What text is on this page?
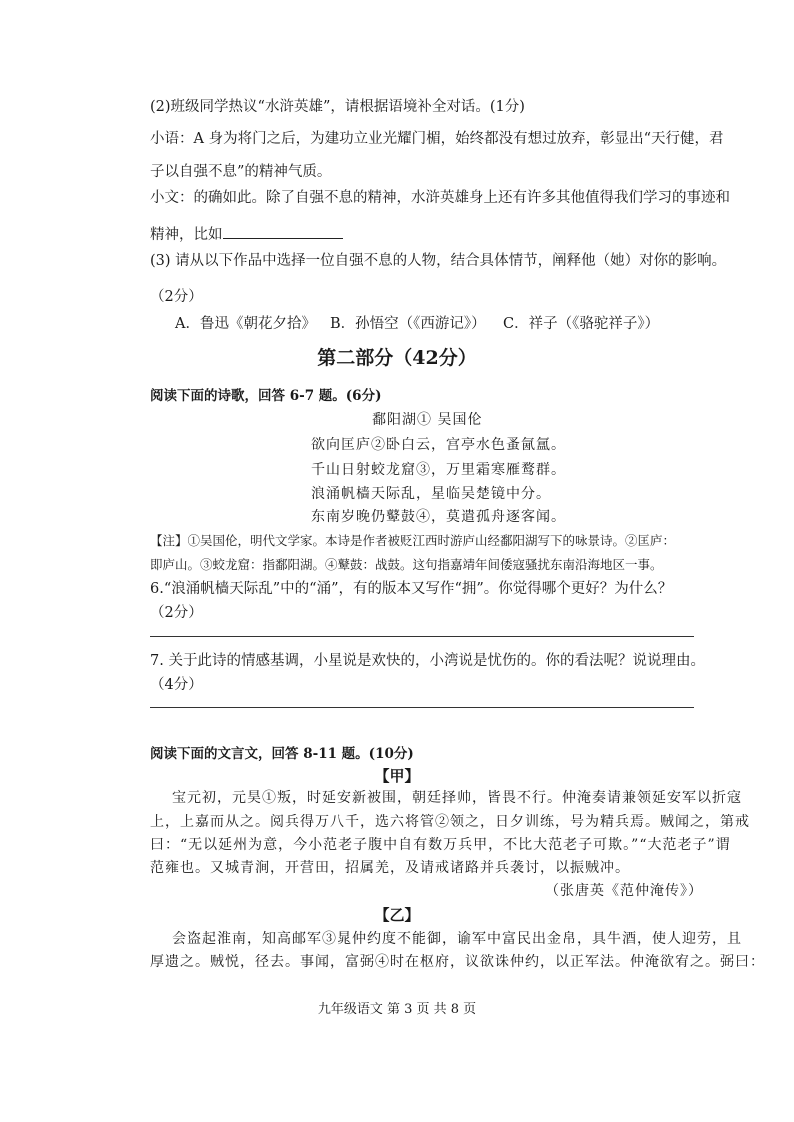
(2)班级同学热议“水浒英雄”，请根据语境补全对话。(1分)
小语：A 身为将门之后，为建功立业光耀门楣，始终都没有想过放弃，彰显出“天行健，君
子以自强不息”的精神气质。
小文：的确如此。除了自强不息的精神，水浒英雄身上还有许多其他值得我们学习的事迹和
精神，比如
(3) 请从以下作品中选择一位自强不息的人物，结合具体情节，阐释他（她）对你的影响。
（2分）
A．鲁迅《朝花夕拾》 B．孙悟空（《西游记》） C．祥子（《骆驼祥子》）
第二部分（42分）
阅读下面的诗歌，回答 6-7 题。(6分)
鄱阳湖① 吴国伦
欲向匡庐②卧白云，宫亭水色蚤氤氲。
千山日射蛟龙窟③，万里霜寒雁鹜群。
浪涌帆樯天际乱，星临吴楚镜中分。
东南岁晚仍鼙鼓④，莫遣孤舟逐客闻。
【注】①吴国伦，明代文学家。本诗是作者被贬江西时游庐山经鄱阳湖写下的咏景诗。②匡庐：
即庐山。③蛟龙窟：指鄱阳湖。④鼙鼓：战鼓。这句指嘉靖年间倭寇骚扰东南沿海地区一事。
6.“浪涌帆樯天际乱”中的“涌”，有的版本又写作“拥”。你觉得哪个更好？为什么？
（2分）
7. 关于此诗的情感基调，小星说是欢快的，小湾说是忧伤的。你的看法呢？说说理由。
（4分）
阅读下面的文言文，回答 8-11 题。(10分)
【甲】
宝元初，元昊①叛，时延安新被围，朝廷择帅，皆畏不行。仲淹奏请兼领延安军以折寇
上，上嘉而从之。阅兵得万八千，选六将管②领之，日夕训练，号为精兵焉。贼闻之，第戒
曰：“无以延州为意，今小范老子腹中自有数万兵甲，不比大范老子可欺。”“大范老子”谓
范雍也。又城青涧，开营田，招属羌，及请戒诸路并兵袭讨，以振贼冲。
（张唐英《范仲淹传》）
【乙】
会盗起淮南，知高邮军③晁仲约度不能御，谕军中富民出金帛，具牛酒，使人迎劳，且
厚遗之。贼悦，径去。事闻，富弼④时在枢府，议欲诛仲约，以正军法。仲淹欲宥之。弼曰：
九年级语文 第 3 页 共 8 页
